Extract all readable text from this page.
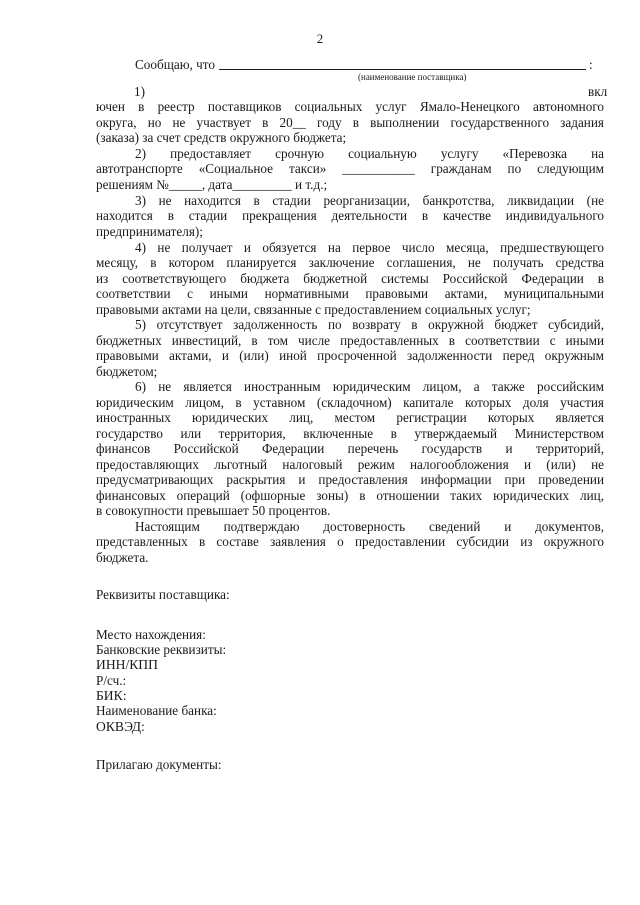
2
Сообщаю, что	:
(наименование поставщика)
1)	вкл
ючен в реестр поставщиков социальных услуг Ямало-Ненецкого автономного
округа, но не участвует в 20__ году в выполнении государственного задания
(заказа) за счет средств окружного бюджета;
2) предоставляет срочную социальную услугу «Перевозка на
автотранспорте «Социальное такси» ___________ гражданам по следующим
решениям №_____, дата_________ и т.д.;
3) не находится в стадии реорганизации, банкротства, ликвидации (не
находится в стадии прекращения деятельности в качестве индивидуального
предпринимателя);
4) не получает и обязуется на первое число месяца, предшествующего
месяцу, в котором планируется заключение соглашения, не получать средства
из соответствующего бюджета бюджетной системы Российской Федерации в
соответствии с иными нормативными правовыми актами, муниципальными
правовыми актами на цели, связанные с предоставлением социальных услуг;
5) отсутствует задолженность по возврату в окружной бюджет субсидий,
бюджетных инвестиций, в том числе предоставленных в соответствии с иными
правовыми актами, и (или) иной просроченной задолженности перед окружным
бюджетом;
6) не является иностранным юридическим лицом, а также российским
юридическим лицом, в уставном (складочном) капитале которых доля участия
иностранных юридических лиц, местом регистрации которых является
государство или территория, включенные в утверждаемый Министерством
финансов Российской Федерации перечень государств и территорий,
предоставляющих льготный налоговый режим налогообложения и (или) не
предусматривающих раскрытия и предоставления информации при проведении
финансовых операций (офшорные зоны) в отношении таких юридических лиц,
в совокупности превышает 50 процентов.
Настоящим подтверждаю достоверность сведений и документов,
представленных в составе заявления о предоставлении субсидии из окружного
бюджета.
Реквизиты поставщика:
Место нахождения:
Банковские реквизиты:
ИНН/КПП
Р/сч.:
БИК:
Наименование банка:
ОКВЭД:
Прилагаю документы:
